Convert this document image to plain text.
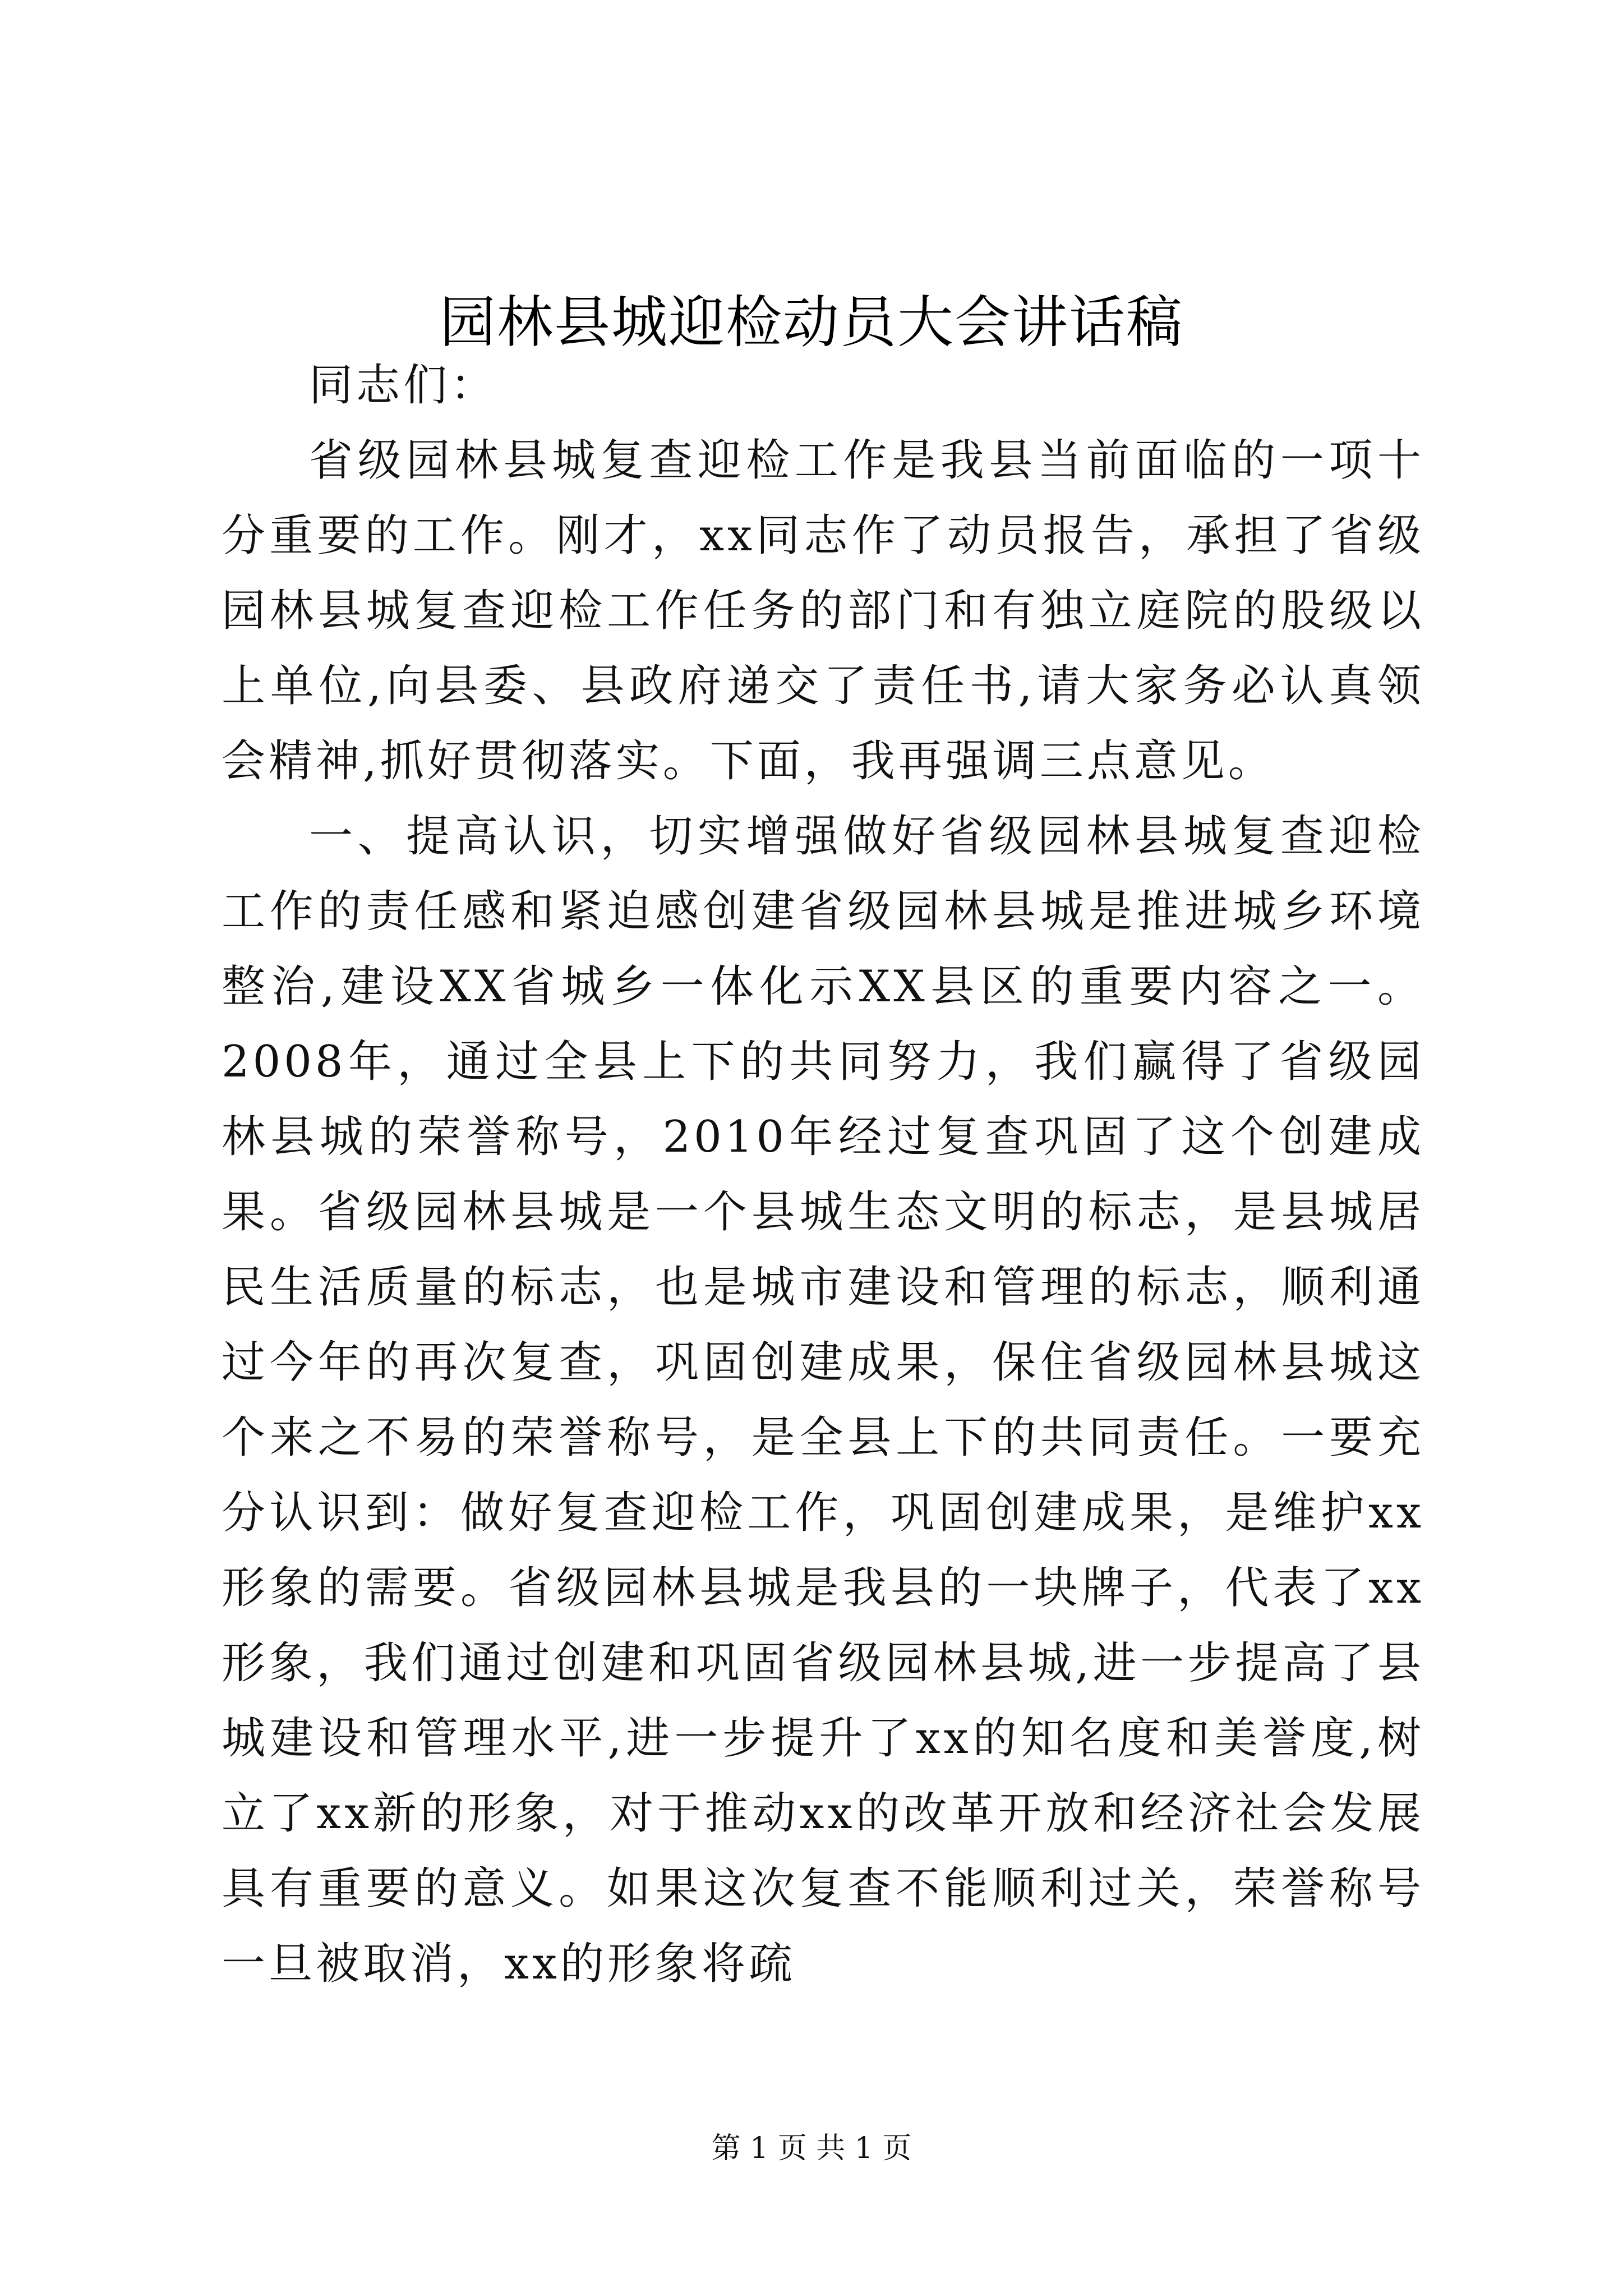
园林县城迎检动员大会讲话稿

同志们：

省级园林县城复查迎检工作是我县当前面临的一项十分重要的工作。刚才，xx同志作了动员报告，承担了省级园林县城复查迎检工作任务的部门和有独立庭院的股级以上单位,向县委、县政府递交了责任书,请大家务必认真领会精神,抓好贯彻落实。下面，我再强调三点意见。

一、提高认识，切实增强做好省级园林县城复查迎检工作的责任感和紧迫感创建省级园林县城是推进城乡环境整治,建设XX省城乡一体化示XX县区的重要内容之一。2008年，通过全县上下的共同努力，我们赢得了省级园林县城的荣誉称号，2010年经过复查巩固了这个创建成果。省级园林县城是一个县城生态文明的标志，是县城居民生活质量的标志，也是城市建设和管理的标志，顺利通过今年的再次复查，巩固创建成果，保住省级园林县城这个来之不易的荣誉称号，是全县上下的共同责任。一要充分认识到：做好复查迎检工作，巩固创建成果，是维护xx形象的需要。省级园林县城是我县的一块牌子，代表了xx形象，我们通过创建和巩固省级园林县城,进一步提高了县城建设和管理水平,进一步提升了xx的知名度和美誉度,树立了xx新的形象，对于推动xx的改革开放和经济社会发展具有重要的意义。如果这次复查不能顺利过关，荣誉称号一旦被取消，xx的形象将疏

第 1 页 共 1 页
